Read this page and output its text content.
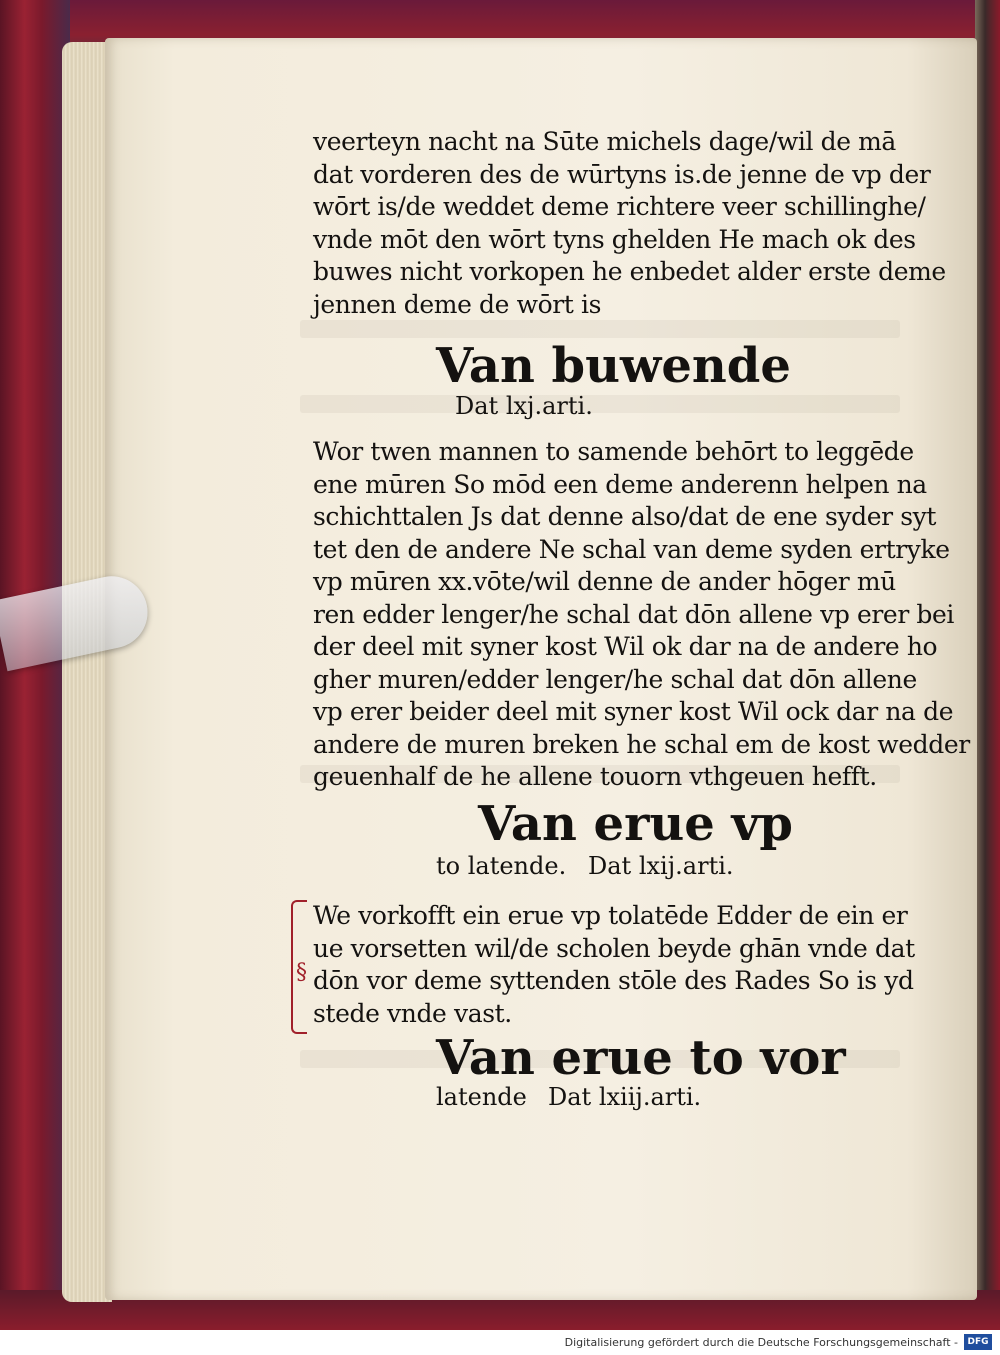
veerteyn nacht na Sūte michels dage/wil de mā
dat vorderen des de wūrtyns is.de jenne de vp der
wōrt is/de weddet deme richtere veer schillinghe/
vnde mōt den wōrt tyns ghelden He mach ok des
buwes nicht vorkopen he enbedet alder erste deme
jennen deme de wōrt is
Van buwende
Dat lxj.arti.
Wor twen mannen to samende behōrt to leggēde
ene mūren So mōd een deme anderenn helpen na
schichttalen Js dat denne also/dat de ene syder syt
tet den de andere Ne schal van deme syden ertryke
vp mūren xx.vōte/wil denne de ander hōger mū
ren edder lenger/he schal dat dōn allene vp erer bei
der deel mit syner kost Wil ok dar na de andere ho
gher muren/edder lenger/he schal dat dōn allene
vp erer beider deel mit syner kost Wil ock dar na de
andere de muren breken he schal em de kost wedder
geuenhalf de he allene touorn vthgeuen hefft.
Van erue vp
to latende. Dat lxij.arti.
§
We vorkofft ein erue vp tolatēde Edder de ein er
ue vorsetten wil/de scholen beyde ghān vnde dat
dōn vor deme syttenden stōle des Rades So is yd
stede vnde vast.
Van erue to vor
latende Dat lxiij.arti.
Digitalisierung gefördert durch die Deutsche Forschungsgemeinschaft -	DFG
